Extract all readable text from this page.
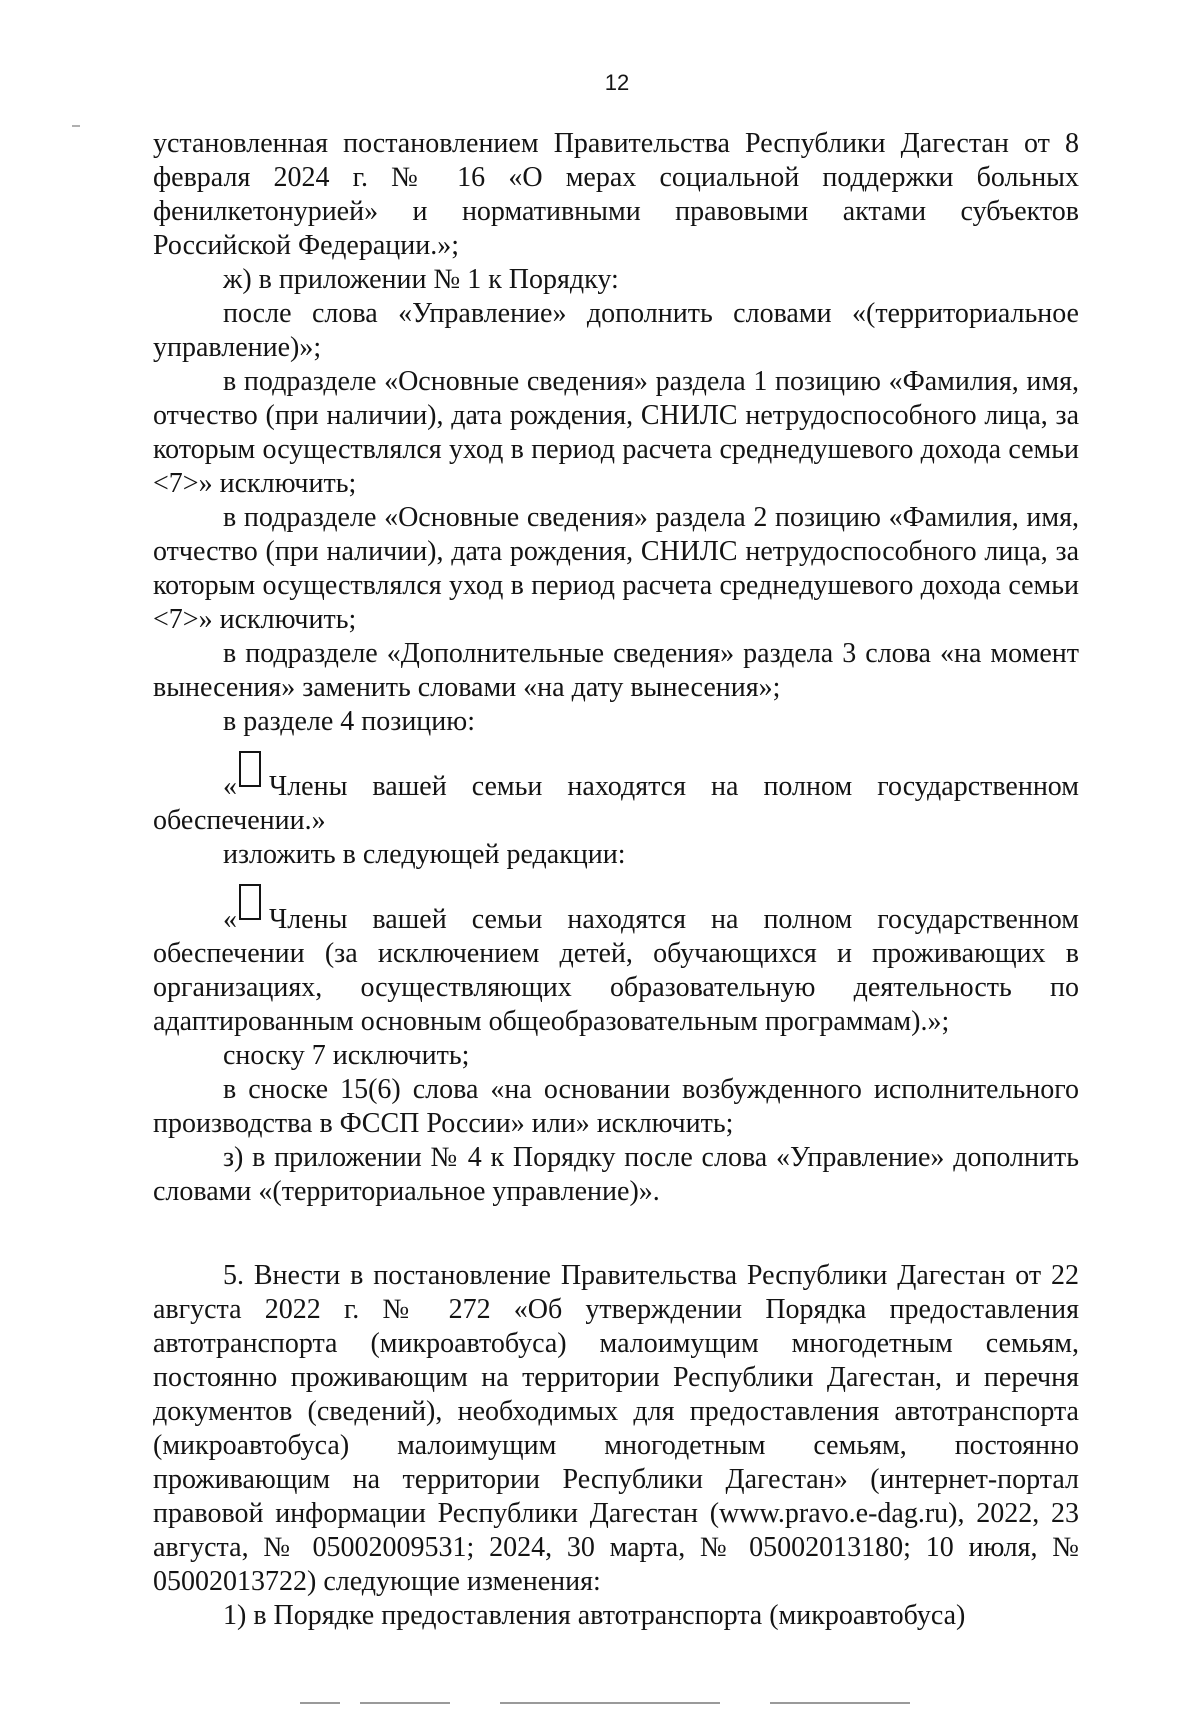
12

установленная постановлением Правительства Республики Дагестан от 8 февраля 2024 г. № 16 «О мерах социальной поддержки больных фенилкетонурией» и нормативными правовыми актами субъектов Российской Федерации.»;

ж) в приложении № 1 к Порядку:

после слова «Управление» дополнить словами «(территориальное управление)»;

в подразделе «Основные сведения» раздела 1 позицию «Фамилия, имя, отчество (при наличии), дата рождения, СНИЛС нетрудоспособного лица, за которым осуществлялся уход в период расчета среднедушевого дохода семьи <7>» исключить;

в подразделе «Основные сведения» раздела 2 позицию «Фамилия, имя, отчество (при наличии), дата рождения, СНИЛС нетрудоспособного лица, за которым осуществлялся уход в период расчета среднедушевого дохода семьи <7>» исключить;

в подразделе «Дополнительные сведения» раздела 3 слова «на момент вынесения» заменить словами «на дату вынесения»;

в разделе 4 позицию:

« Члены вашей семьи находятся на полном государственном обеспечении.»

изложить в следующей редакции:

« Члены вашей семьи находятся на полном государственном обеспечении (за исключением детей, обучающихся и проживающих в организациях, осуществляющих образовательную деятельность по адаптированным основным общеобразовательным программам).»;

сноску 7 исключить;

в сноске 15(6) слова «на основании возбужденного исполнительного производства в ФССП России» или» исключить;

з) в приложении № 4 к Порядку после слова «Управление» дополнить словами «(территориальное управление)».

5. Внести в постановление Правительства Республики Дагестан от 22 августа 2022 г. № 272 «Об утверждении Порядка предоставления автотранспорта (микроавтобуса) малоимущим многодетным семьям, постоянно проживающим на территории Республики Дагестан, и перечня документов (сведений), необходимых для предоставления автотранспорта (микроавтобуса) малоимущим многодетным семьям, постоянно проживающим на территории Республики Дагестан» (интернет-портал правовой информации Республики Дагестан (www.pravo.e-dag.ru), 2022, 23 августа, № 05002009531; 2024, 30 марта, № 05002013180; 10 июля, № 05002013722) следующие изменения:

1) в Порядке предоставления автотранспорта (микроавтобуса)
